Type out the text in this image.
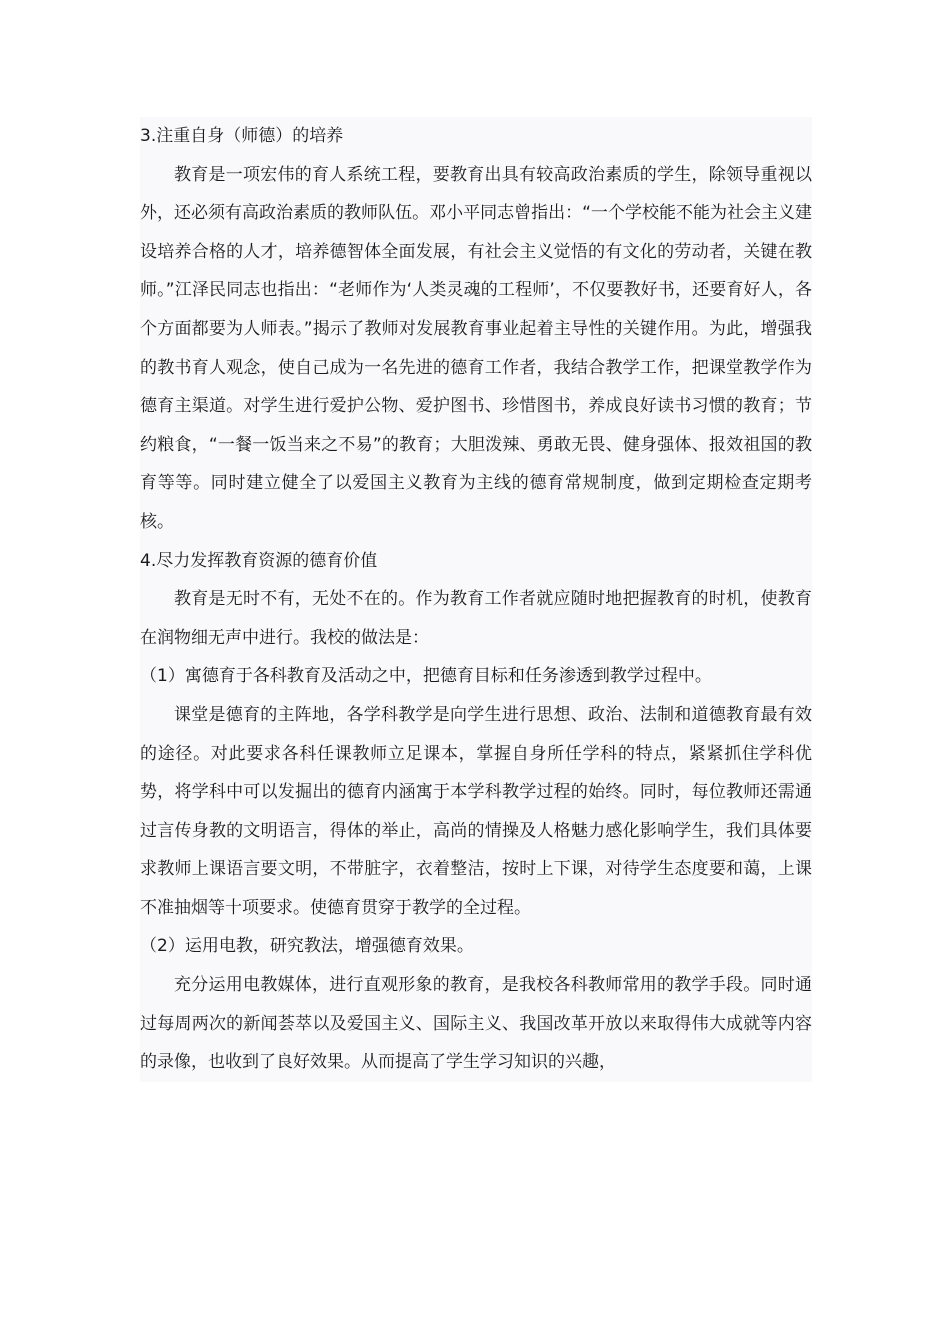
3.注重自身（师德）的培养

教育是一项宏伟的育人系统工程，要教育出具有较高政治素质的学生，除领导重视以外，还必须有高政治素质的教师队伍。邓小平同志曾指出：“一个学校能不能为社会主义建设培养合格的人才，培养德智体全面发展，有社会主义觉悟的有文化的劳动者，关键在教师。”江泽民同志也指出：“老师作为‘人类灵魂的工程师’，不仅要教好书，还要育好人，各个方面都要为人师表。”揭示了教师对发展教育事业起着主导性的关键作用。为此，增强我的教书育人观念，使自己成为一名先进的德育工作者，我结合教学工作，把课堂教学作为德育主渠道。对学生进行爱护公物、爱护图书、珍惜图书，养成良好读书习惯的教育；节约粮食，“一餐一饭当来之不易”的教育；大胆泼辣、勇敢无畏、健身强体、报效祖国的教育等等。同时建立健全了以爱国主义教育为主线的德育常规制度，做到定期检查定期考核。

4.尽力发挥教育资源的德育价值

教育是无时不有，无处不在的。作为教育工作者就应随时地把握教育的时机，使教育在润物细无声中进行。我校的做法是：

（1）寓德育于各科教育及活动之中，把德育目标和任务渗透到教学过程中。

课堂是德育的主阵地，各学科教学是向学生进行思想、政治、法制和道德教育最有效的途径。对此要求各科任课教师立足课本，掌握自身所任学科的特点，紧紧抓住学科优势，将学科中可以发掘出的德育内涵寓于本学科教学过程的始终。同时，每位教师还需通过言传身教的文明语言，得体的举止，高尚的情操及人格魅力感化影响学生，我们具体要求教师上课语言要文明，不带脏字，衣着整洁，按时上下课，对待学生态度要和蔼，上课不准抽烟等十项要求。使德育贯穿于教学的全过程。

（2）运用电教，研究教法，增强德育效果。

充分运用电教媒体，进行直观形象的教育，是我校各科教师常用的教学手段。同时通过每周两次的新闻荟萃以及爱国主义、国际主义、我国改革开放以来取得伟大成就等内容的录像，也收到了良好效果。从而提高了学生学习知识的兴趣，
